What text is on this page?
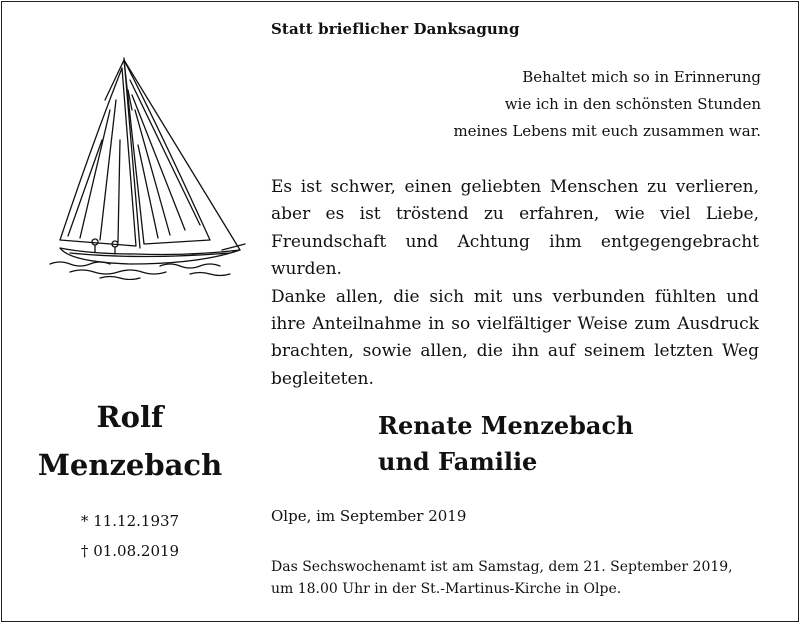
Statt brieflicher Danksagung
Behaltet mich so in Erinnerung
wie ich in den schönsten Stunden
meines Lebens mit euch zusammen war.
Es ist schwer, einen geliebten Menschen zu verlieren, aber es ist tröstend zu erfahren, wie viel Liebe, Freundschaft und Achtung ihm entgegengebracht wurden.
Danke allen, die sich mit uns verbunden fühlten und ihre Anteilnahme in so vielfältiger Weise zum Ausdruck brachten, sowie allen, die ihn auf seinem letzten Weg begleiteten.
Renate Menzebach
und Familie
Rolf
Menzebach
* 11.12.1937
† 01.08.2019
Olpe, im September 2019
Das Sechswochenamt ist am Samstag, dem 21. September 2019,
um 18.00 Uhr in der St.-Martinus-Kirche in Olpe.
